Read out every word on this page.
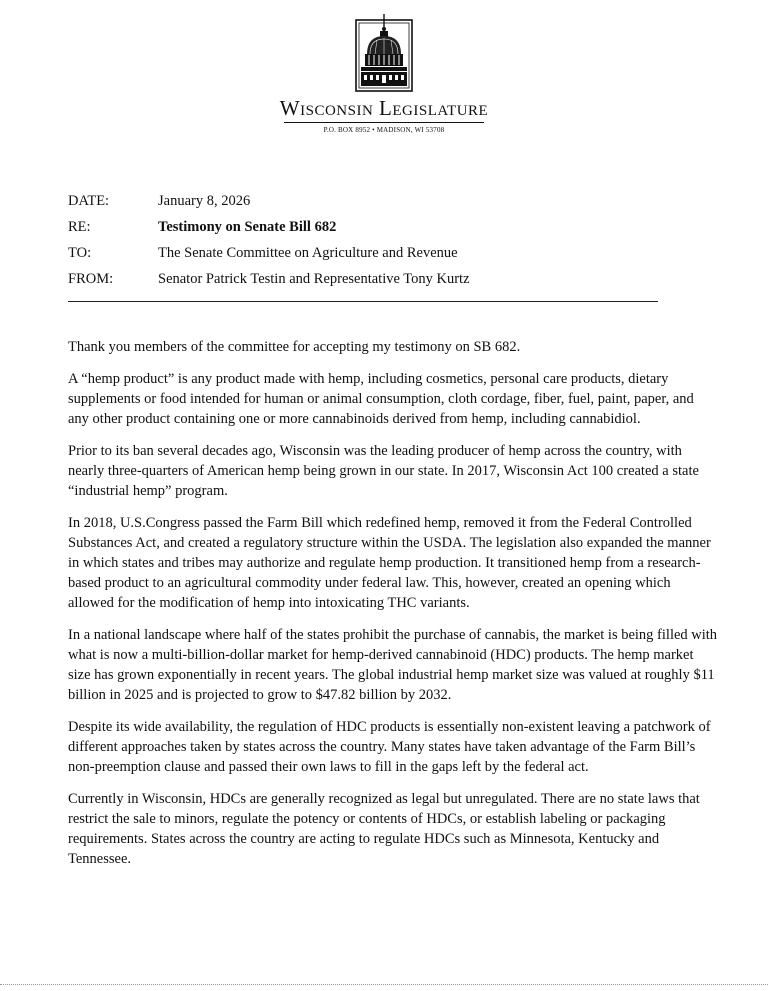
Wisconsin Legislature
P.O. BOX 8952 • MADISON, WI 53708
DATE:	January 8, 2026
RE:	Testimony on Senate Bill 682
TO:	The Senate Committee on Agriculture and Revenue
FROM:	Senator Patrick Testin and Representative Tony Kurtz

Thank you members of the committee for accepting my testimony on SB 682.

A “hemp product” is any product made with hemp, including cosmetics, personal care products, dietary supplements or food intended for human or animal consumption, cloth cordage, fiber, fuel, paint, paper, and any other product containing one or more cannabinoids derived from hemp, including cannabidiol.

Prior to its ban several decades ago, Wisconsin was the leading producer of hemp across the country, with nearly three-quarters of American hemp being grown in our state. In 2017, Wisconsin Act 100 created a state “industrial hemp” program.

In 2018, U.S.Congress passed the Farm Bill which redefined hemp, removed it from the Federal Controlled Substances Act, and created a regulatory structure within the USDA. The legislation also expanded the manner in which states and tribes may authorize and regulate hemp production. It transitioned hemp from a research-based product to an agricultural commodity under federal law. This, however, created an opening which allowed for the modification of hemp into intoxicating THC variants.

In a national landscape where half of the states prohibit the purchase of cannabis, the market is being filled with what is now a multi-billion-dollar market for hemp-derived cannabinoid (HDC) products. The hemp market size has grown exponentially in recent years. The global industrial hemp market size was valued at roughly $11 billion in 2025 and is projected to grow to $47.82 billion by 2032.

Despite its wide availability, the regulation of HDC products is essentially non-existent leaving a patchwork of different approaches taken by states across the country. Many states have taken advantage of the Farm Bill’s non-preemption clause and passed their own laws to fill in the gaps left by the federal act.

Currently in Wisconsin, HDCs are generally recognized as legal but unregulated. There are no state laws that restrict the sale to minors, regulate the potency or contents of HDCs, or establish labeling or packaging requirements. States across the country are acting to regulate HDCs such as Minnesota, Kentucky and Tennessee.
